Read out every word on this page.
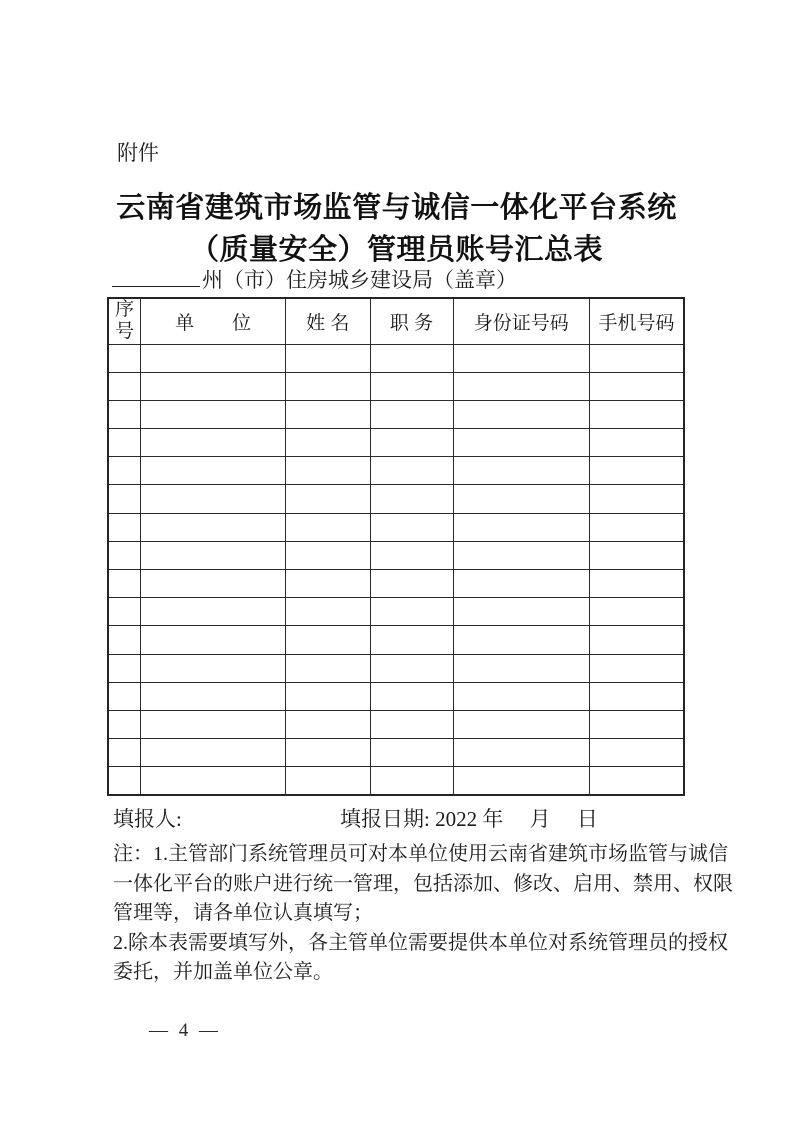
附件
云南省建筑市场监管与诚信一体化平台系统
（质量安全）管理员账号汇总表
州（市）住房城乡建设局（盖章）
序号	单　　位	姓 名	职 务	身份证号码	手机号码

填报人:	填报日期: 2022 年　 月　 日
注：1.主管部门系统管理员可对本单位使用云南省建筑市场监管与诚信
一体化平台的账户进行统一管理，包括添加、修改、启用、禁用、权限
管理等，请各单位认真填写；
2.除本表需要填写外，各主管单位需要提供本单位对系统管理员的授权
委托，并加盖单位公章。
— 4 —
